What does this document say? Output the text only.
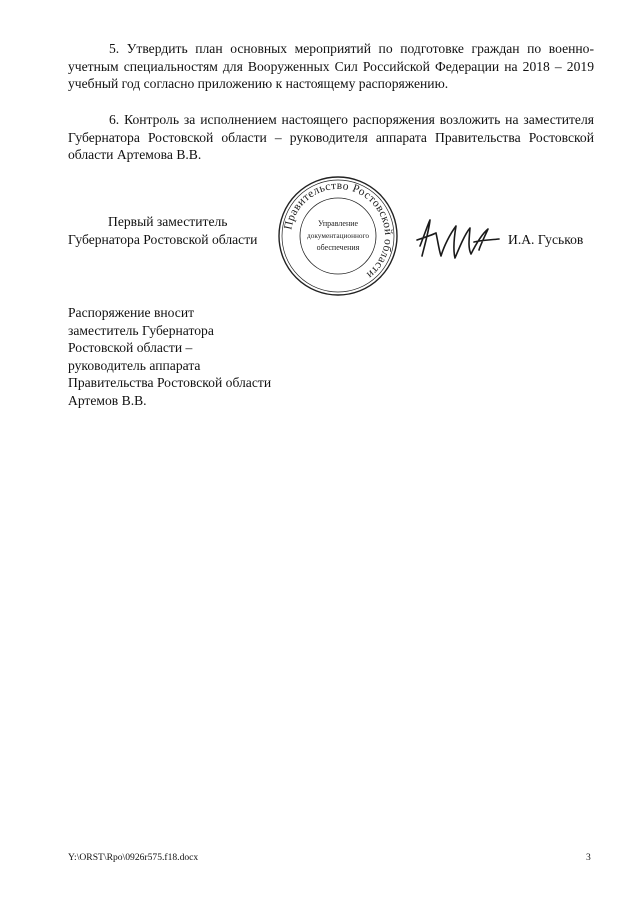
5. Утвердить план основных мероприятий по подготовке граждан по военно-учетным специальностям для Вооруженных Сил Российской Федерации на 2018 – 2019 учебный год согласно приложению к настоящему распоряжению.
6. Контроль за исполнением настоящего распоряжения возложить на заместителя Губернатора Ростовской области – руководителя аппарата Правительства Ростовской области Артемова В.В.
Первый заместитель
Губернатора Ростовской области	И.А. Гуськов
Правительство Ростовской области
Управление
документационного
обеспечения
Распоряжение вносит
заместитель Губернатора
Ростовской области –
руководитель аппарата
Правительства Ростовской области
Артемов В.В.
Y:\ORST\Rpo\0926r575.f18.docx	3
